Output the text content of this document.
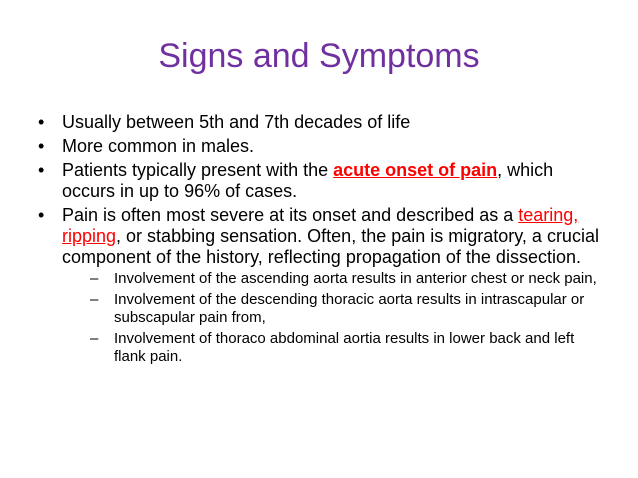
Signs and Symptoms
• Usually between 5th and 7th decades of life
• More common in males.
• Patients typically present with the acute onset of pain, which occurs in up to 96% of cases.
• Pain is often most severe at its onset and described as a tearing, ripping, or stabbing sensation. Often, the pain is migratory, a crucial component of the history, reflecting propagation of the dissection.
– Involvement of the ascending aorta results in anterior chest or neck pain,
– Involvement of the descending thoracic aorta results in intrascapular or subscapular pain from,
– Involvement of thoraco abdominal aortia results in lower back and left flank pain.
